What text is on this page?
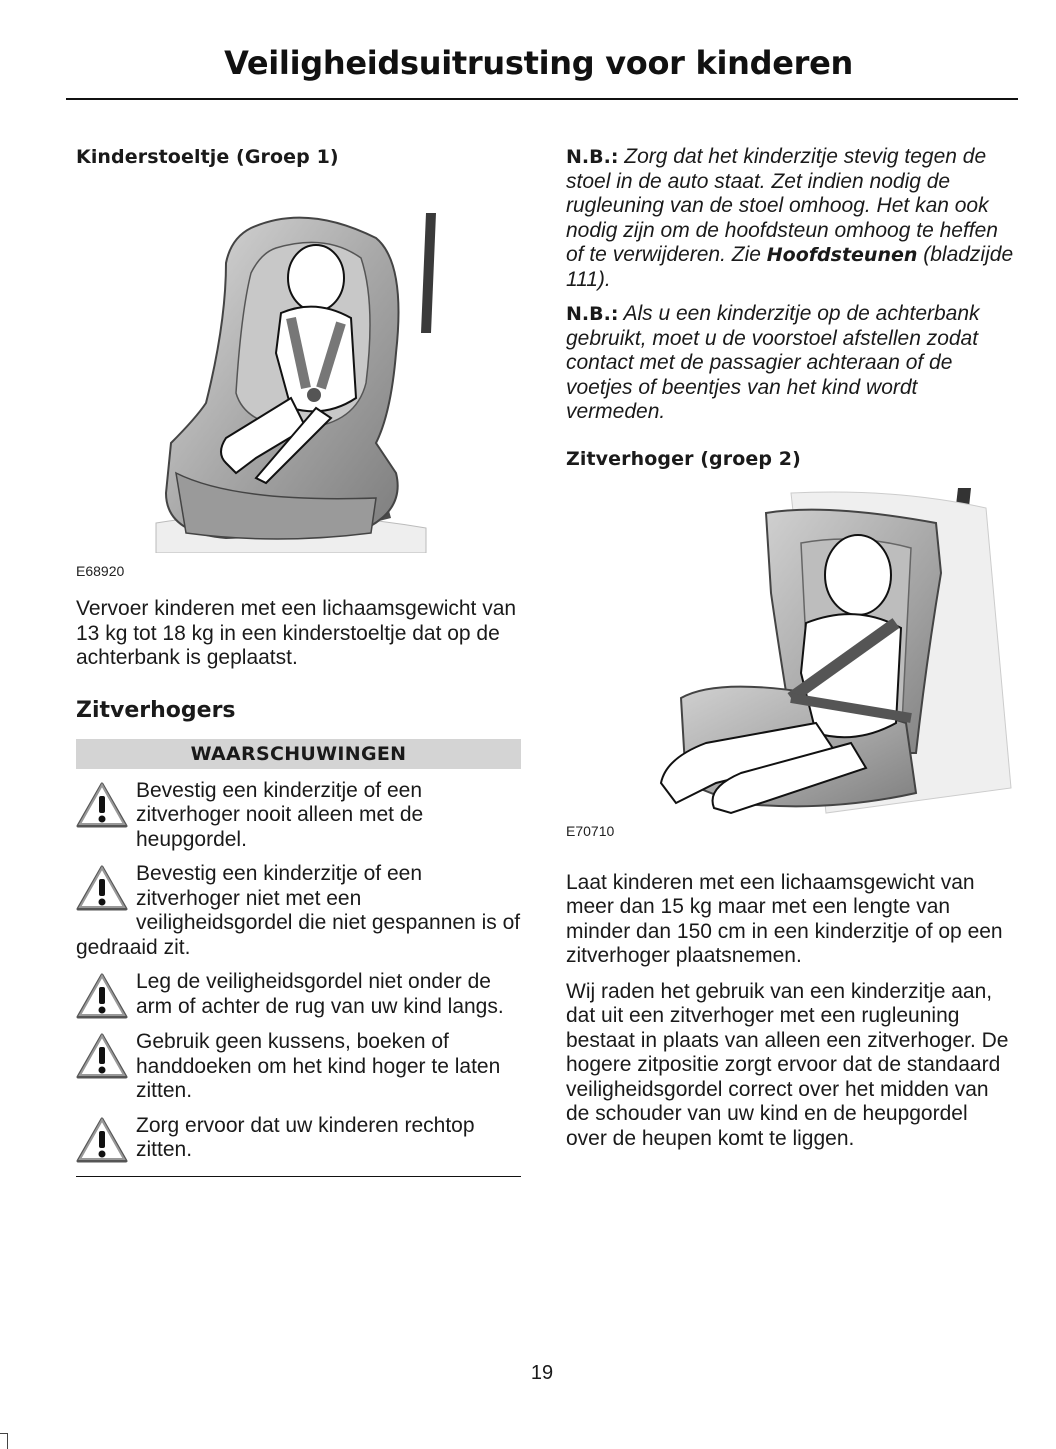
Veiligheidsuitrusting voor kinderen
Kinderstoeltje (Groep 1)
E68920

Vervoer kinderen met een lichaamsgewicht van 13 kg tot 18 kg in een kinderstoeltje dat op de achterbank is geplaatst.

Zitverhogers
WAARSCHUWINGEN

Bevestig een kinderzitje of een zitverhoger nooit alleen met de heupgordel.

Bevestig een kinderzitje of een zitverhoger niet met een veiligheidsgordel die niet gespannen is of gedraaid zit.

Leg de veiligheidsgordel niet onder de arm of achter de rug van uw kind langs.

Gebruik geen kussens, boeken of handdoeken om het kind hoger te laten zitten.

Zorg ervoor dat uw kinderen rechtop zitten.

N.B.: Zorg dat het kinderzitje stevig tegen de stoel in de auto staat. Zet indien nodig de rugleuning van de stoel omhoog. Het kan ook nodig zijn om de hoofdsteun omhoog te heffen of te verwijderen. Zie Hoofdsteunen (bladzijde 111).

N.B.: Als u een kinderzitje op de achterbank gebruikt, moet u de voorstoel afstellen zodat contact met de passagier achteraan of de voetjes of beentjes van het kind wordt vermeden.

Zitverhoger (groep 2)
E70710

Laat kinderen met een lichaamsgewicht van meer dan 15 kg maar met een lengte van minder dan 150 cm in een kinderzitje of op een zitverhoger plaatsnemen.

Wij raden het gebruik van een kinderzitje aan, dat uit een zitverhoger met een rugleuning bestaat in plaats van alleen een zitverhoger. De hogere zitpositie zorgt ervoor dat de standaard veiligheidsgordel correct over het midden van de schouder van uw kind en de heupgordel over de heupen komt te liggen.

19
